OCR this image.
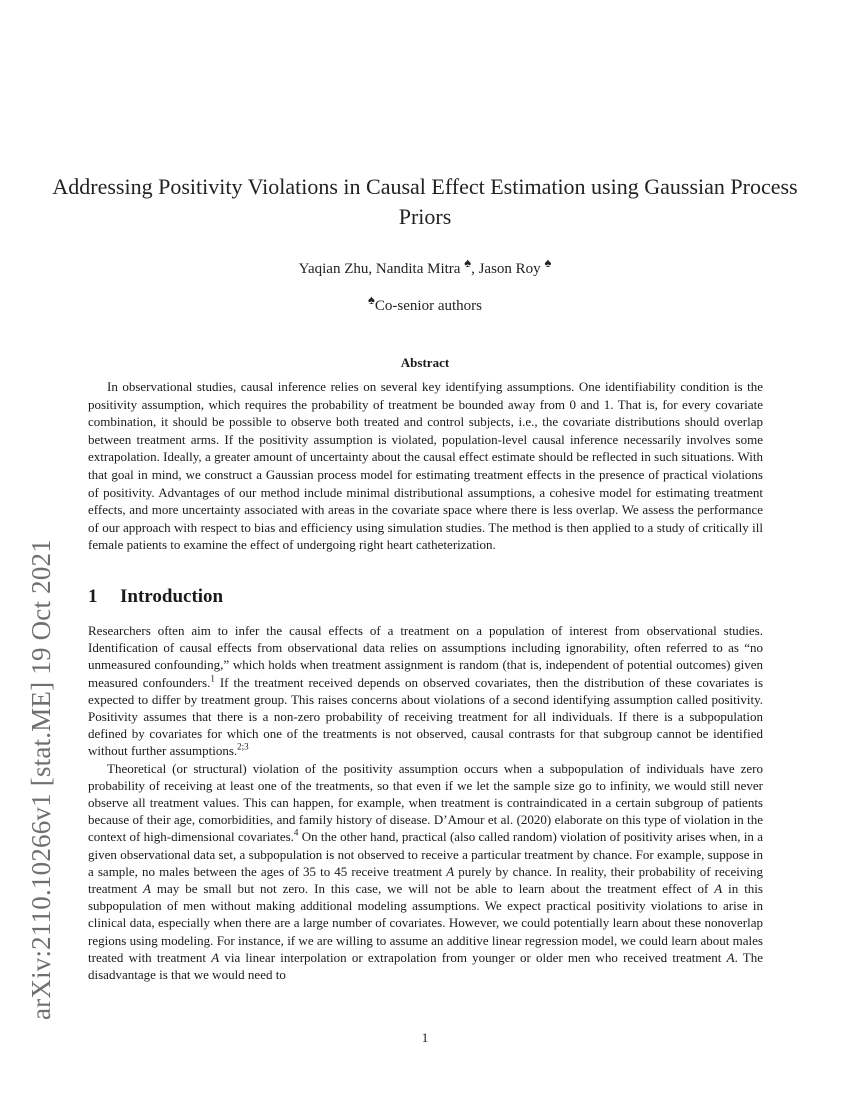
arXiv:2110.10266v1 [stat.ME] 19 Oct 2021
Addressing Positivity Violations in Causal Effect Estimation using Gaussian Process Priors
Yaqian Zhu, Nandita Mitra ♠, Jason Roy ♠
♠Co-senior authors
Abstract

In observational studies, causal inference relies on several key identifying assumptions. One identifiability condition is the positivity assumption, which requires the probability of treatment be bounded away from 0 and 1. That is, for every covariate combination, it should be possible to observe both treated and control subjects, i.e., the covariate distributions should overlap between treatment arms. If the positivity assumption is violated, population-level causal inference necessarily involves some extrapolation. Ideally, a greater amount of uncertainty about the causal effect estimate should be reflected in such situations. With that goal in mind, we construct a Gaussian process model for estimating treatment effects in the presence of practical violations of positivity. Advantages of our method include minimal distributional assumptions, a cohesive model for estimating treatment effects, and more uncertainty associated with areas in the covariate space where there is less overlap. We assess the performance of our approach with respect to bias and efficiency using simulation studies. The method is then applied to a study of critically ill female patients to examine the effect of undergoing right heart catheterization.

1 Introduction

Researchers often aim to infer the causal effects of a treatment on a population of interest from observational studies. Identification of causal effects from observational data relies on assumptions including ignorability, often referred to as “no unmeasured confounding,” which holds when treatment assignment is random (that is, independent of potential outcomes) given measured confounders.$^1$ If the treatment received depends on observed covariates, then the distribution of these covariates is expected to differ by treatment group. This raises concerns about violations of a second identifying assumption called positivity. Positivity assumes that there is a non-zero probability of receiving treatment for all individuals. If there is a subpopulation defined by covariates for which one of the treatments is not observed, causal contrasts for that subgroup cannot be identified without further assumptions.$^{2;3}$

Theoretical (or structural) violation of the positivity assumption occurs when a subpopulation of individuals have zero probability of receiving at least one of the treatments, so that even if we let the sample size go to infinity, we would still never observe all treatment values. This can happen, for example, when treatment is contraindicated in a certain subgroup of patients because of their age, comorbidities, and family history of disease. D’Amour et al. (2020) elaborate on this type of violation in the context of high-dimensional covariates.$^4$ On the other hand, practical (also called random) violation of positivity arises when, in a given observational data set, a subpopulation is not observed to receive a particular treatment by chance. For example, suppose in a sample, no males between the ages of 35 to 45 receive treatment A purely by chance. In reality, their probability of receiving treatment A may be small but not zero. In this case, we will not be able to learn about the treatment effect of A in this subpopulation of men without making additional modeling assumptions. We expect practical positivity violations to arise in clinical data, especially when there are a large number of covariates. However, we could potentially learn about these nonoverlap regions using modeling. For instance, if we are willing to assume an additive linear regression model, we could learn about males treated with treatment A via linear interpolation or extrapolation from younger or older men who received treatment A. The disadvantage is that we would need to

1
